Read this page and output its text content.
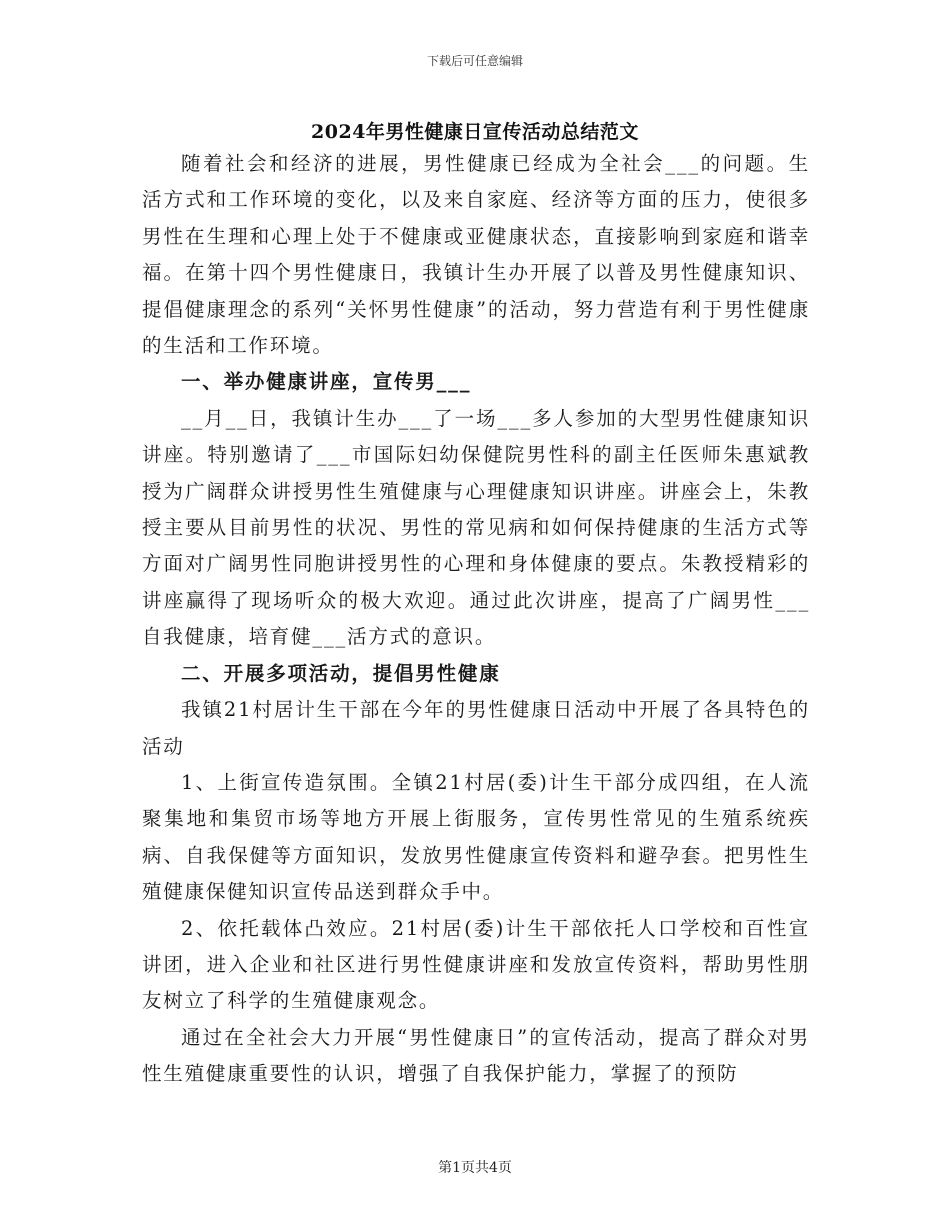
下载后可任意编辑
2024年男性健康日宣传活动总结范文

随着社会和经济的进展，男性健康已经成为全社会___的问题。生活方式和工作环境的变化，以及来自家庭、经济等方面的压力，使很多男性在生理和心理上处于不健康或亚健康状态，直接影响到家庭和谐幸福。在第十四个男性健康日，我镇计生办开展了以普及男性健康知识、提倡健康理念的系列“关怀男性健康”的活动，努力营造有利于男性健康的生活和工作环境。

一、举办健康讲座，宣传男___

__月__日，我镇计生办___了一场___多人参加的大型男性健康知识讲座。特别邀请了___市国际妇幼保健院男性科的副主任医师朱惠斌教授为广阔群众讲授男性生殖健康与心理健康知识讲座。讲座会上，朱教授主要从目前男性的状况、男性的常见病和如何保持健康的生活方式等方面对广阔男性同胞讲授男性的心理和身体健康的要点。朱教授精彩的讲座赢得了现场听众的极大欢迎。通过此次讲座，提高了广阔男性___自我健康，培育健___活方式的意识。

二、开展多项活动，提倡男性健康

我镇21村居计生干部在今年的男性健康日活动中开展了各具特色的活动

1、上街宣传造氛围。全镇21村居(委)计生干部分成四组，在人流聚集地和集贸市场等地方开展上街服务，宣传男性常见的生殖系统疾病、自我保健等方面知识，发放男性健康宣传资料和避孕套。把男性生殖健康保健知识宣传品送到群众手中。

2、依托载体凸效应。21村居(委)计生干部依托人口学校和百性宣讲团，进入企业和社区进行男性健康讲座和发放宣传资料，帮助男性朋友树立了科学的生殖健康观念。

通过在全社会大力开展“男性健康日”的宣传活动，提高了群众对男性生殖健康重要性的认识，增强了自我保护能力，掌握了的预防

第1页共4页
